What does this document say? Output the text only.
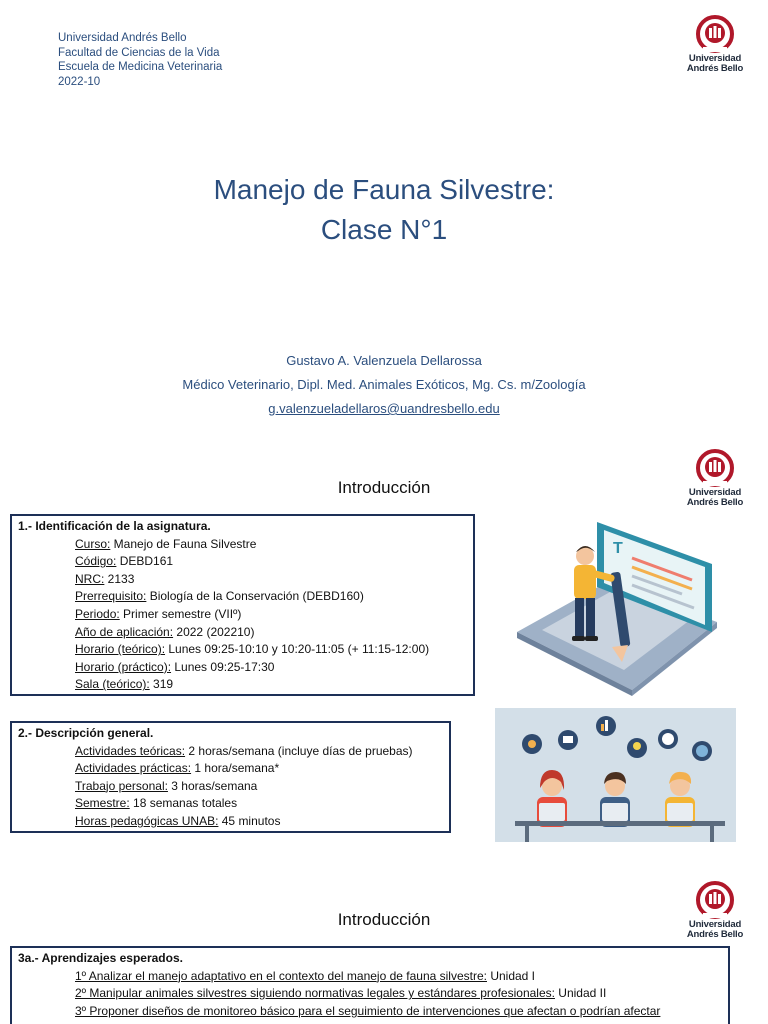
Universidad Andrés Bello
Facultad de Ciencias de la Vida
Escuela de Medicina Veterinaria
2022-10
Universidad
Andrés Bello
Manejo de Fauna Silvestre:
Clase N°1
Gustavo A. Valenzuela Dellarossa
Médico Veterinario, Dipl. Med. Animales Exóticos, Mg. Cs. m/Zoología
g.valenzueladellaros@uandresbello.edu
Introducción	Universidad
Andrés Bello
1.- Identificación de la asignatura.
Curso: Manejo de Fauna Silvestre
Código: DEBD161
NRC: 2133
Prerrequisito: Biología de la Conservación (DEBD160)
Periodo: Primer semestre (VIIº)
Año de aplicación: 2022 (202210)
Horario (teórico): Lunes 09:25-10:10 y 10:20-11:05 (+ 11:15-12:00)
Horario (práctico): Lunes 09:25-17:30
Sala (teórico): 319
T
2.- Descripción general.
Actividades teóricas: 2 horas/semana (incluye días de pruebas)
Actividades prácticas: 1 hora/semana*
Trabajo personal: 3 horas/semana
Semestre: 18 semanas totales
Horas pedagógicas UNAB: 45 minutos
Introducción	Universidad
Andrés Bello
3a.- Aprendizajes esperados.
1º Analizar el manejo adaptativo en el contexto del manejo de fauna silvestre: Unidad I
2º Manipular animales silvestres siguiendo normativas legales y estándares profesionales: Unidad II
3º Proponer diseños de monitoreo básico para el seguimiento de intervenciones que afectan o podrían afectar
